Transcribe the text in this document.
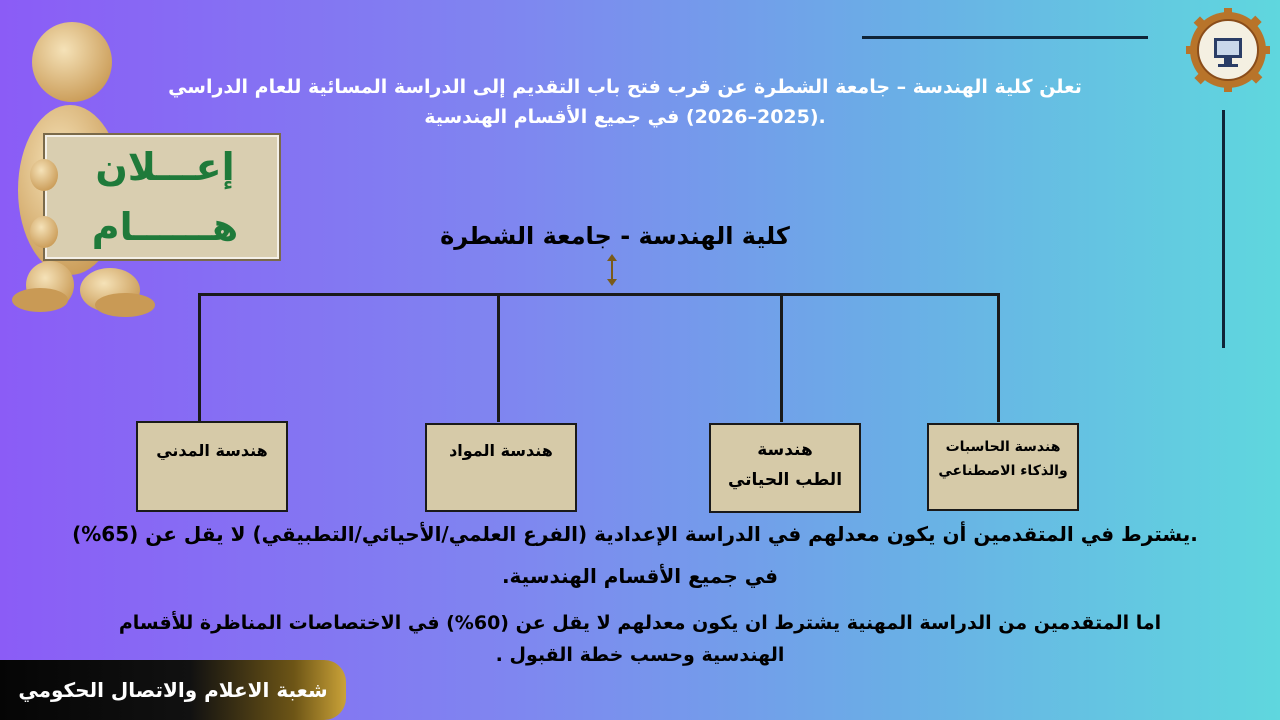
تعلن كلية الهندسة – جامعة الشطرة عن قرب فتح باب التقديم إلى الدراسة المسائية للعام الدراسي
.(2025–2026) في جميع الأقسام الهندسية
إعـــلان
هــــــام	كلية الهندسة - جامعة الشطرة
هندسة المدني	هندسة المواد	هندسة
الطب الحياتي
هندسة الحاسبات
والذكاء الاصطناعي
.يشترط في المتقدمين أن يكون معدلهم في الدراسة الإعدادية (الفرع العلمي/الأحيائي/التطبيقي) لا يقل عن (65%)
في جميع الأقسام الهندسية.
اما المتقدمين من الدراسة المهنية يشترط ان يكون معدلهم لا يقل عن (60%) في الاختصاصات المناظرة للأقسام
الهندسية وحسب خطة القبول .
شعبة الاعلام والاتصال الحكومي
